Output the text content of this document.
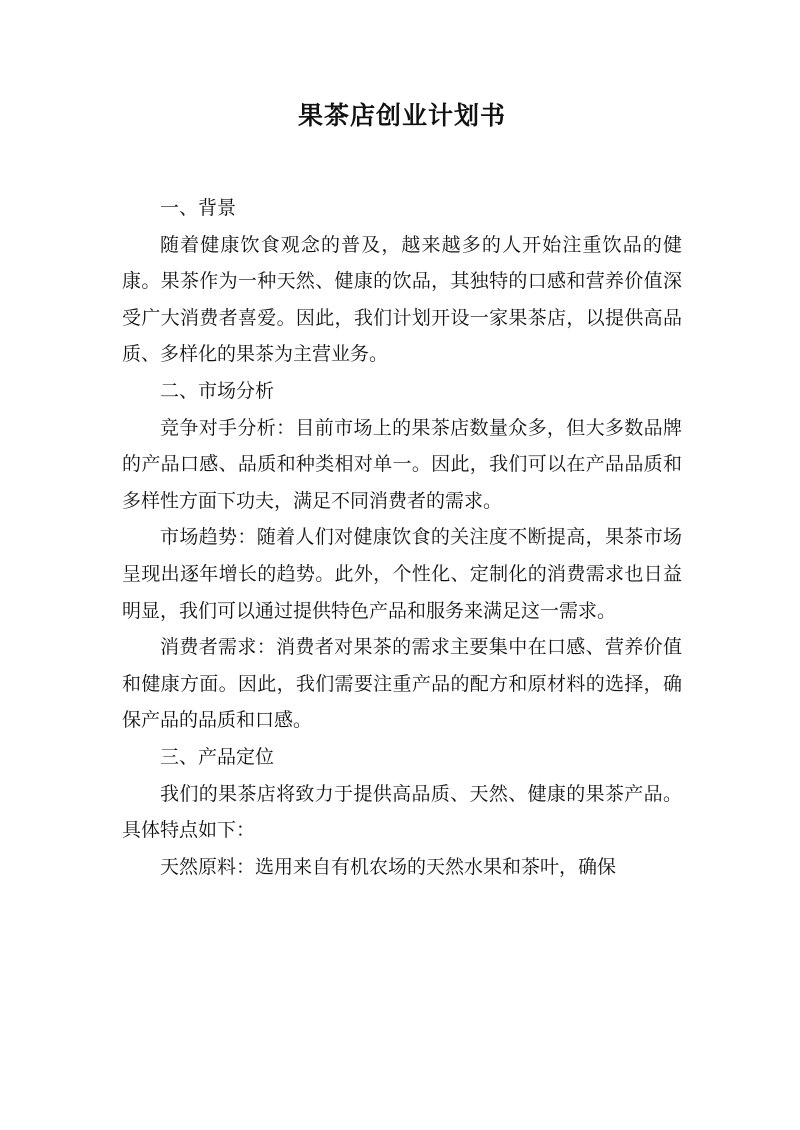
果茶店创业计划书

一、背景

随着健康饮食观念的普及，越来越多的人开始注重饮品的健康。果茶作为一种天然、健康的饮品，其独特的口感和营养价值深受广大消费者喜爱。因此，我们计划开设一家果茶店，以提供高品质、多样化的果茶为主营业务。

二、市场分析

竞争对手分析：目前市场上的果茶店数量众多，但大多数品牌的产品口感、品质和种类相对单一。因此，我们可以在产品品质和多样性方面下功夫，满足不同消费者的需求。

市场趋势：随着人们对健康饮食的关注度不断提高，果茶市场呈现出逐年增长的趋势。此外，个性化、定制化的消费需求也日益明显，我们可以通过提供特色产品和服务来满足这一需求。

消费者需求：消费者对果茶的需求主要集中在口感、营养价值和健康方面。因此，我们需要注重产品的配方和原材料的选择，确保产品的品质和口感。

三、产品定位

我们的果茶店将致力于提供高品质、天然、健康的果茶产品。具体特点如下：

天然原料：选用来自有机农场的天然水果和茶叶，确保
